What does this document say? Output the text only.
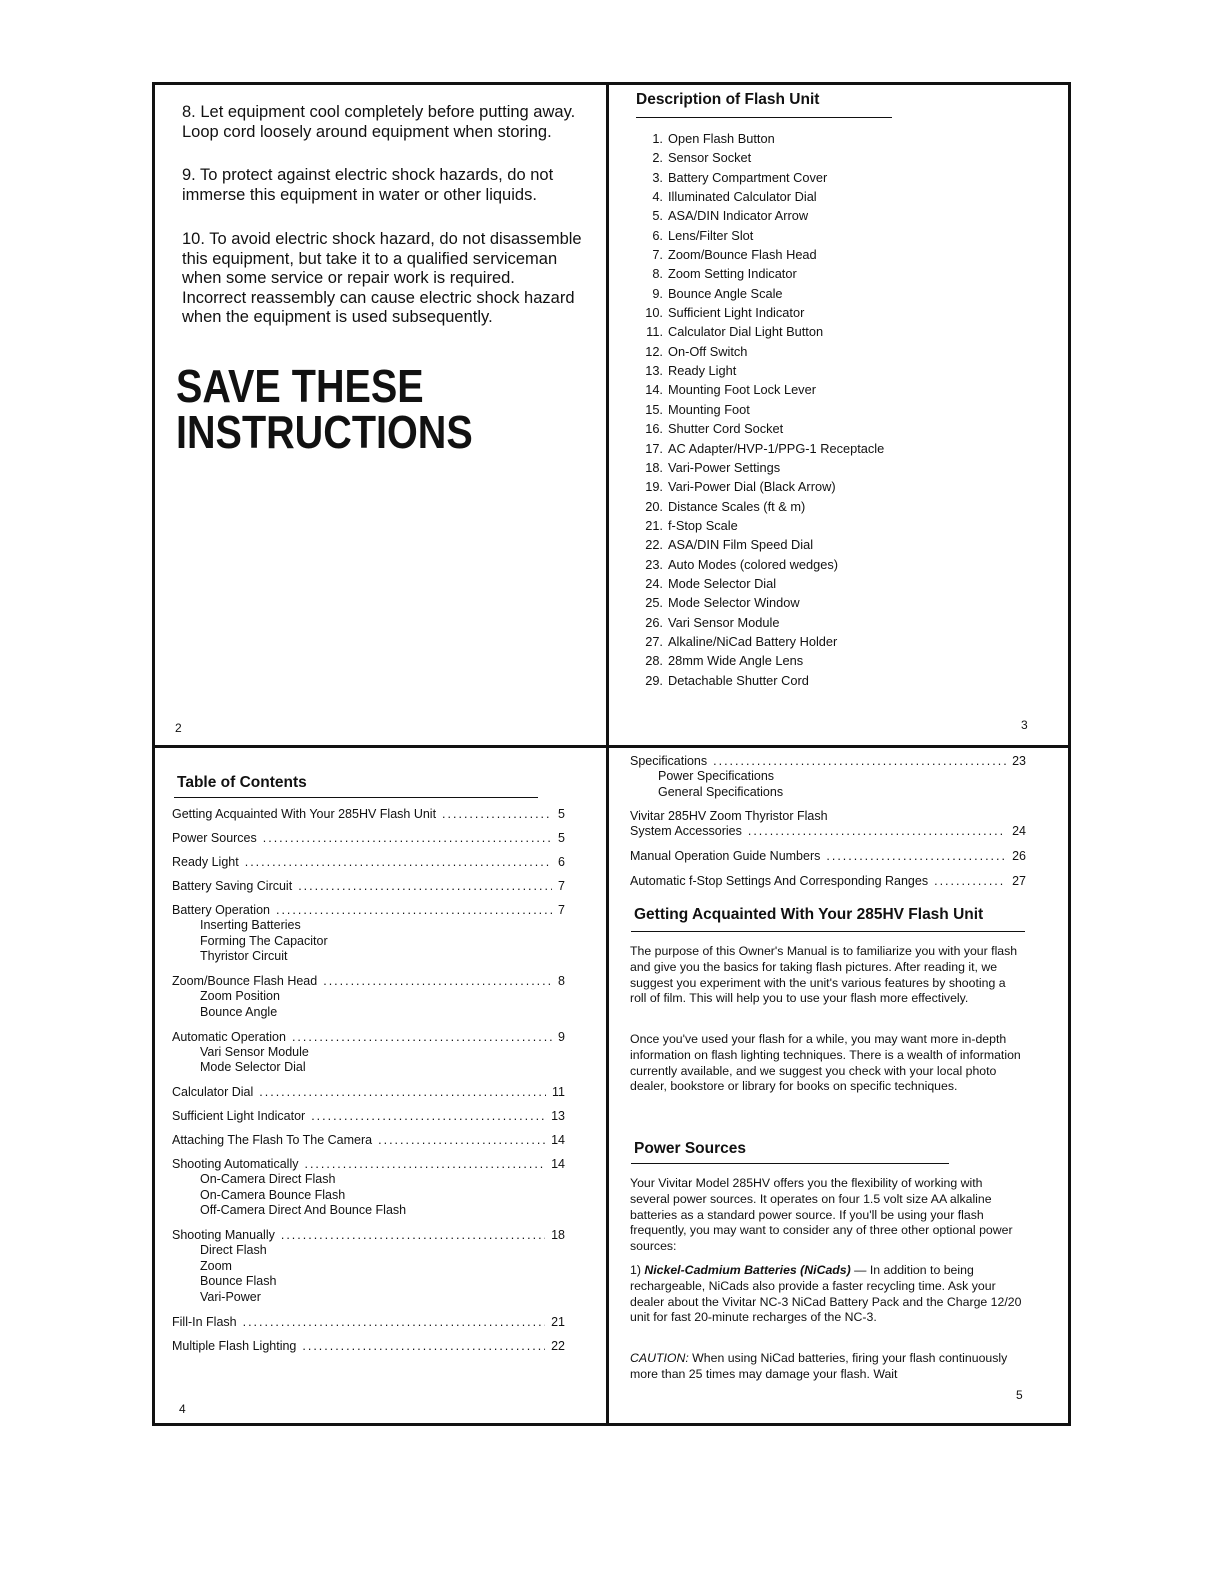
8. Let equipment cool completely before putting away. Loop cord loosely around equipment when storing.

9. To protect against electric shock hazards, do not immerse this equipment in water or other liquids.

10. To avoid electric shock hazard, do not disassemble this equipment, but take it to a qualified serviceman when some service or repair work is required. Incorrect reassembly can cause electric shock hazard when the equipment is used subsequently.

SAVE THESE
INSTRUCTIONS
2
Description of Flash Unit
1. Open Flash Button
2. Sensor Socket
3. Battery Compartment Cover
4. Illuminated Calculator Dial
5. ASA/DIN Indicator Arrow
6. Lens/Filter Slot
7. Zoom/Bounce Flash Head
8. Zoom Setting Indicator
9. Bounce Angle Scale
10. Sufficient Light Indicator
11. Calculator Dial Light Button
12. On-Off Switch
13. Ready Light
14. Mounting Foot Lock Lever
15. Mounting Foot
16. Shutter Cord Socket
17. AC Adapter/HVP-1/PPG-1 Receptacle
18. Vari-Power Settings
19. Vari-Power Dial (Black Arrow)
20. Distance Scales (ft & m)
21. f-Stop Scale
22. ASA/DIN Film Speed Dial
23. Auto Modes (colored wedges)
24. Mode Selector Dial
25. Mode Selector Window
26. Vari Sensor Module
27. Alkaline/NiCad Battery Holder
28. 28mm Wide Angle Lens
29. Detachable Shutter Cord
3
Table of Contents
Getting Acquainted With Your 285HV Flash Unit .....	5
Power Sources .....	5
Ready Light .....	6
Battery Saving Circuit .....	7
Battery Operation .....	7
Inserting Batteries
Forming The Capacitor
Thyristor Circuit
Zoom/Bounce Flash Head .....	8
Zoom Position
Bounce Angle
Automatic Operation .....	9
Vari Sensor Module
Mode Selector Dial
Calculator Dial .....	11
Sufficient Light Indicator .....	13
Attaching The Flash To The Camera .....	14
Shooting Automatically .....	14
On-Camera Direct Flash
On-Camera Bounce Flash
Off-Camera Direct And Bounce Flash
Shooting Manually .....	18
Direct Flash
Zoom
Bounce Flash
Vari-Power
Fill-In Flash .....	21
Multiple Flash Lighting .....	22
4
Specifications .....	23
Power Specifications
General Specifications
Vivitar 285HV Zoom Thyristor Flash
System Accessories .....	24
Manual Operation Guide Numbers .....	26
Automatic f-Stop Settings And Corresponding Ranges .....	27
Getting Acquainted With Your 285HV Flash Unit

The purpose of this Owner's Manual is to familiarize you with your flash and give you the basics for taking flash pictures. After reading it, we suggest you experiment with the unit's various features by shooting a roll of film. This will help you to use your flash more effectively.

Once you've used your flash for a while, you may want more in-depth information on flash lighting techniques. There is a wealth of information currently available, and we suggest you check with your local photo dealer, bookstore or library for books on specific techniques.

Power Sources

Your Vivitar Model 285HV offers you the flexibility of working with several power sources. It operates on four 1.5 volt size AA alkaline batteries as a standard power source. If you'll be using your flash frequently, you may want to consider any of three other optional power sources:

1) Nickel-Cadmium Batteries (NiCads) — In addition to being rechargeable, NiCads also provide a faster recycling time. Ask your dealer about the Vivitar NC-3 NiCad Battery Pack and the Charge 12/20 unit for fast 20-minute recharges of the NC-3.

CAUTION: When using NiCad batteries, firing your flash continuously more than 25 times may damage your flash. Wait

5
